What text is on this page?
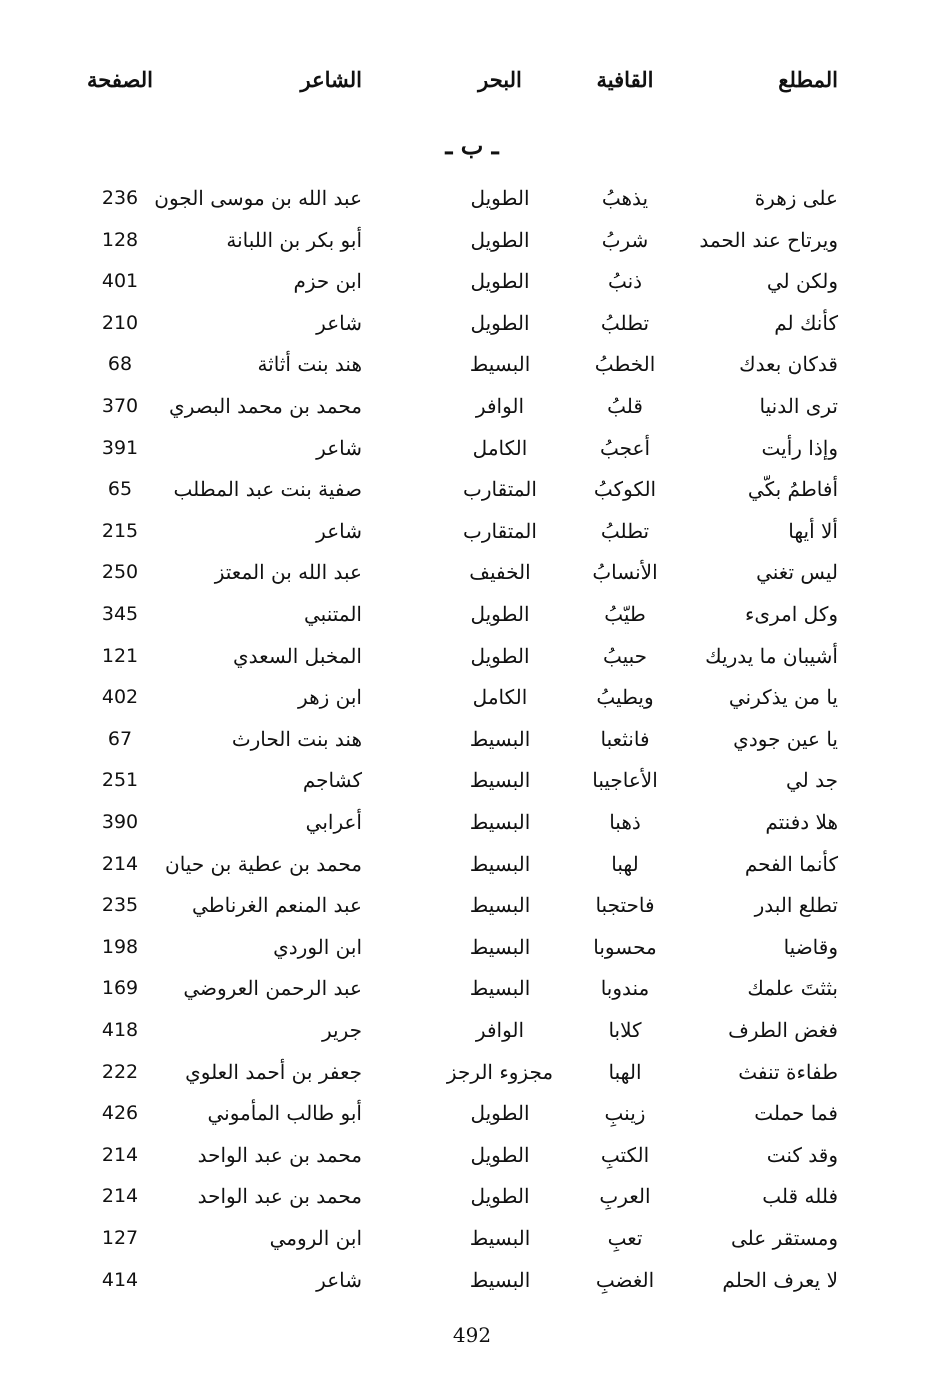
المطلع
القافية
البحر
الشاعر
الصفحة
ـ ب ـ
على زهرة
يذهبُ
الطويل
عبد الله بن موسى الجون
236
ويرتاح عند الحمد
شربُ
الطويل
أبو بكر بن اللبانة
128
ولكن لي
ذنبُ
الطويل
ابن حزم
401
كأنك لم
تطلبُ
الطويل
شاعر
210
قدكان بعدك
الخطبُ
البسيط
هند بنت أثاثة
68
ترى الدنيا
قلبُ
الوافر
محمد بن محمد البصري
370
وإذا رأيت
أعجبُ
الكامل
شاعر
391
أفاطمُ بكّي
الكوكبُ
المتقارب
صفية بنت عبد المطلب
65
ألا أيها
تطلبُ
المتقارب
شاعر
215
ليس تغني
الأنسابُ
الخفيف
عبد الله بن المعتز
250
وكل امرىء
طيّبُ
الطويل
المتنبي
345
أشيبان ما يدريك
حبيبُ
الطويل
المخبل السعدي
121
يا من يذكرني
ويطيبُ
الكامل
ابن زهر
402
يا عين جودي
فانثعبا
البسيط
هند بنت الحارث
67
جد لي
الأعاجيبا
البسيط
كشاجم
251
هلا دفنتم
ذهبا
البسيط
أعرابي
390
كأنما الفحم
لهبا
البسيط
محمد بن عطية بن حيان
214
تطلع البدر
فاحتجبا
البسيط
عبد المنعم الغرناطي
235
وقاضيا
محسوبا
البسيط
ابن الوردي
198
بثثتَ علمك
مندوبا
البسيط
عبد الرحمن العروضي
169
فغض الطرف
كلابا
الوافر
جرير
418
طفاءة تنفث
الهبا
مجزوء الرجز
جعفر بن أحمد العلوي
222
فما حملت
زينبِ
الطويل
أبو طالب المأموني
426
وقد كنت
الكتبِ
الطويل
محمد بن عبد الواحد
214
فلله قلب
العربِ
الطويل
محمد بن عبد الواحد
214
ومستقر على
تعبِ
البسيط
ابن الرومي
127
لا يعرف الحلم
الغضبِ
البسيط
شاعر
414
492
